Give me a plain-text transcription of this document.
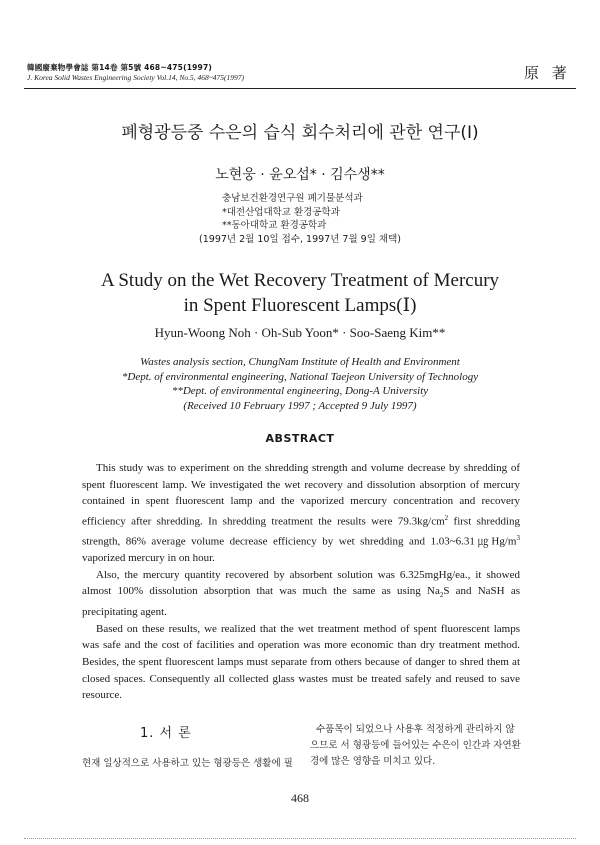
韓國廢棄物學會誌 第14卷 第5號 468~475(1997)
J. Korea Solid Wastes Engineering Society Vol.14, No.5, 468~475(1997)	原 著
폐형광등중 수은의 습식 회수처리에 관한 연구(Ⅰ)
노현웅 · 윤오섭* · 김수생**
충남보건환경연구원 폐기물분석과
*대전산업대학교 환경공학과
**동아대학교 환경공학과
(1997년 2월 10일 접수, 1997년 7월 9일 채택)
A Study on the Wet Recovery Treatment of Mercury
in Spent Fluorescent Lamps(Ⅰ)
Hyun-Woong Noh · Oh-Sub Yoon* · Soo-Saeng Kim**
Wastes analysis section, ChungNam Institute of Health and Environment
*Dept. of environmental engineering, National Taejeon University of Technology
**Dept. of environmental engineering, Dong-A University
(Received 10 February 1997 ; Accepted 9 July 1997)
ABSTRACT

This study was to experiment on the shredding strength and volume decrease by shredding of spent fluorescent lamp. We investigated the wet recovery and dissolution absorption of mercury contained in spent fluorescent lamp and the vaporized mercury concentration and recovery efficiency after shredding. In shredding treatment the results were $79.3kg/cm^2$ first shredding strength, 86% average volume decrease efficiency by wet shredding and $1.03\sim 6.31㎍Hg/m^3$ vaporized mercury in on hour.

Also, the mercury quantity recovered by absorbent solution was 6.325mgHg/ea., it showed almost 100% dissolution absorption that was much the same as using $Na_2S$ and NaSH as precipitating agent.

Based on these results, we realized that the wet treatment method of spent fluorescent lamps was safe and the cost of facilities and operation was more economic than dry treatment method. Besides, the spent fluorescent lamps must separate from others because of danger to shred them at closed spaces. Consequently all collected glass wastes must be treated safely and reused to save resource.

1. 서 론
현재 일상적으로 사용하고 있는 형광등은 생활에 필
수품목이 되었으나 사용후 적정하게 관리하지 않으므로 서 형광등에 들어있는 수은이 인간과 자연환경에 많은 영향을 미치고 있다.
468
